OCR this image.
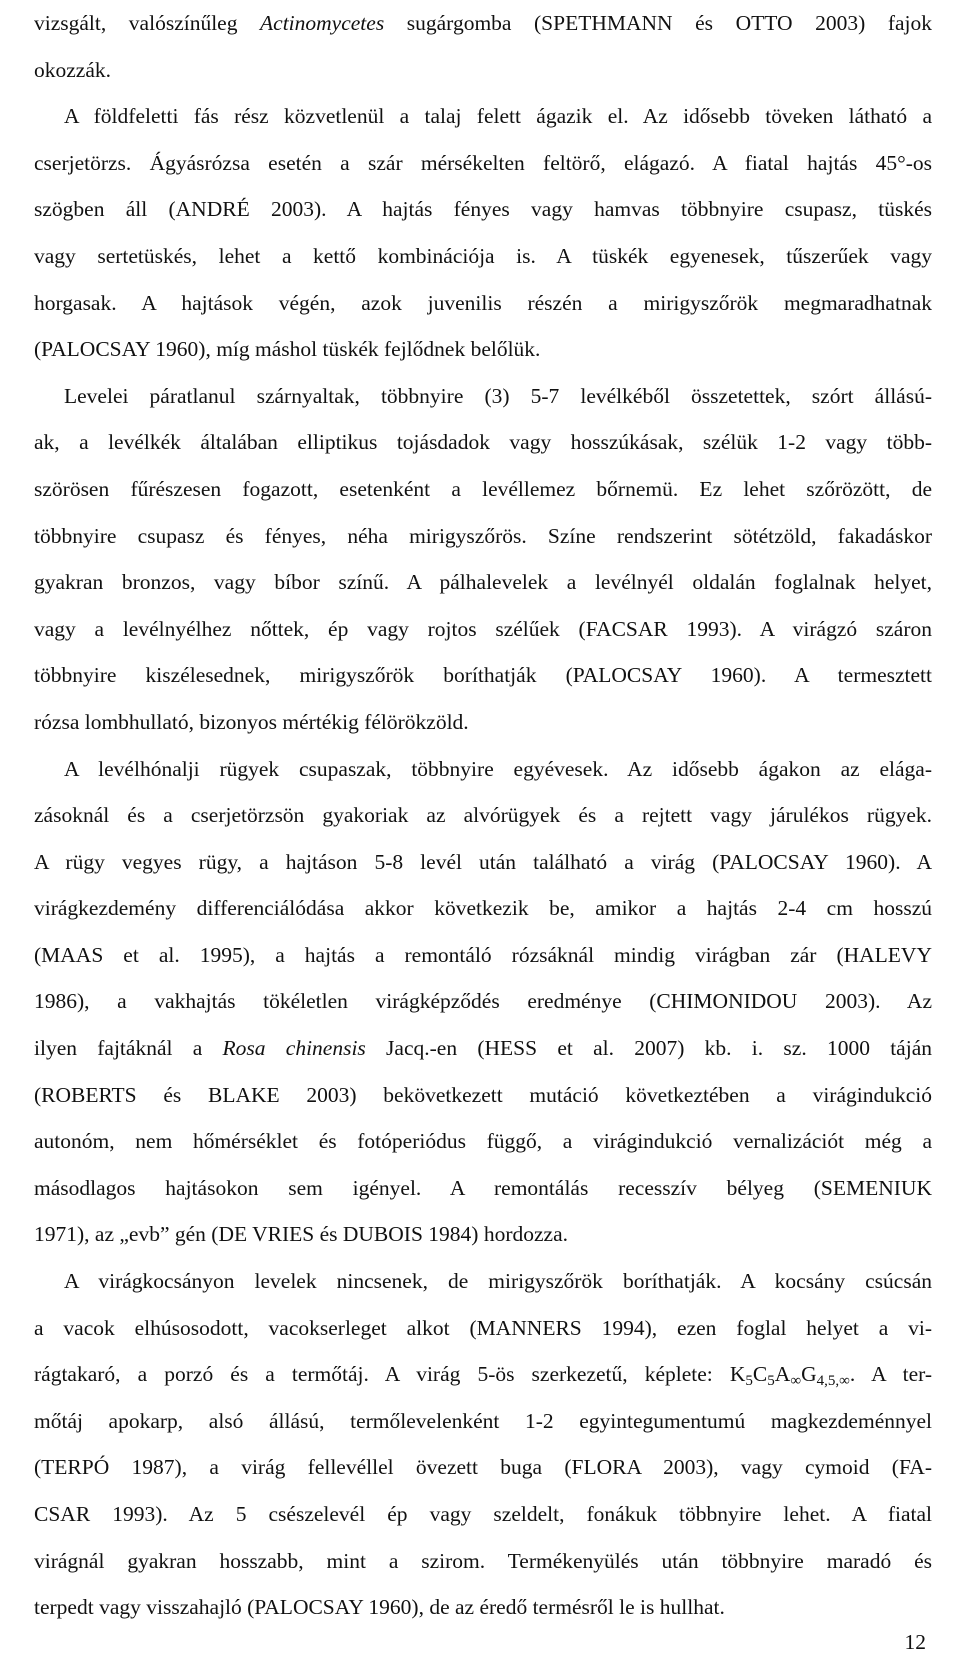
vizsgált, valószínűleg Actinomycetes sugárgomba (SPETHMANN és OTTO 2003) fajok
okozzák.
A földfeletti fás rész közvetlenül a talaj felett ágazik el. Az idősebb töveken látható a
cserjetörzs. Ágyásrózsa esetén a szár mérsékelten feltörő, elágazó. A fiatal hajtás 45°-os
szögben áll (ANDRÉ 2003). A hajtás fényes vagy hamvas többnyire csupasz, tüskés
vagy sertetüskés, lehet a kettő kombinációja is. A tüskék egyenesek, tűszerűek vagy
horgasak. A hajtások végén, azok juvenilis részén a mirigyszőrök megmaradhatnak
(PALOCSAY 1960), míg máshol tüskék fejlődnek belőlük.
Levelei páratlanul szárnyaltak, többnyire (3) 5-7 levélkéből összetettek, szórt állású-
ak, a levélkék általában elliptikus tojásdadok vagy hosszúkásak, szélük 1-2 vagy több-
szörösen fűrészesen fogazott, esetenként a levéllemez bőrnemü. Ez lehet szőrözött, de
többnyire csupasz és fényes, néha mirigyszőrös. Színe rendszerint sötétzöld, fakadáskor
gyakran bronzos, vagy bíbor színű. A pálhalevelek a levélnyél oldalán foglalnak helyet,
vagy a levélnyélhez nőttek, ép vagy rojtos szélűek (FACSAR 1993). A virágzó száron
többnyire kiszélesednek, mirigyszőrök boríthatják (PALOCSAY 1960). A termesztett
rózsa lombhullató, bizonyos mértékig félörökzöld.
A levélhónalji rügyek csupaszak, többnyire egyévesek. Az idősebb ágakon az elága-
zásoknál és a cserjetörzsön gyakoriak az alvórügyek és a rejtett vagy járulékos rügyek.
A rügy vegyes rügy, a hajtáson 5-8 levél után található a virág (PALOCSAY 1960). A
virágkezdemény differenciálódása akkor következik be, amikor a hajtás 2-4 cm hosszú
(MAAS et al. 1995), a hajtás a remontáló rózsáknál mindig virágban zár (HALEVY
1986), a vakhajtás tökéletlen virágképződés eredménye (CHIMONIDOU 2003). Az
ilyen fajtáknál a Rosa chinensis Jacq.-en (HESS et al. 2007) kb. i. sz. 1000 táján
(ROBERTS és BLAKE 2003) bekövetkezett mutáció következtében a virágindukció
autonóm, nem hőmérséklet és fotóperiódus függő, a virágindukció vernalizációt még a
másodlagos hajtásokon sem igényel. A remontálás recesszív bélyeg (SEMENIUK
1971), az „evb” gén (DE VRIES és DUBOIS 1984) hordozza.
A virágkocsányon levelek nincsenek, de mirigyszőrök boríthatják. A kocsány csúcsán
a vacok elhúsosodott, vacokserleget alkot (MANNERS 1994), ezen foglal helyet a vi-
rágtakaró, a porzó és a termőtáj. A virág 5-ös szerkezetű, képlete: $K_5C_5A_\infty G_{4,5,\infty}$. A ter-
mőtáj apokarp, alsó állású, termőlevelenként 1-2 egyintegumentumú magkezdeménnyel
(TERPÓ 1987), a virág fellevéllel övezett buga (FLORA 2003), vagy cymoid (FA-
CSAR 1993). Az 5 csészelevél ép vagy szeldelt, fonákuk többnyire lehet. A fiatal
virágnál gyakran hosszabb, mint a szirom. Termékenyülés után többnyire maradó és
terpedt vagy visszahajló (PALOCSAY 1960), de az éredő termésről le is hullhat.
12
